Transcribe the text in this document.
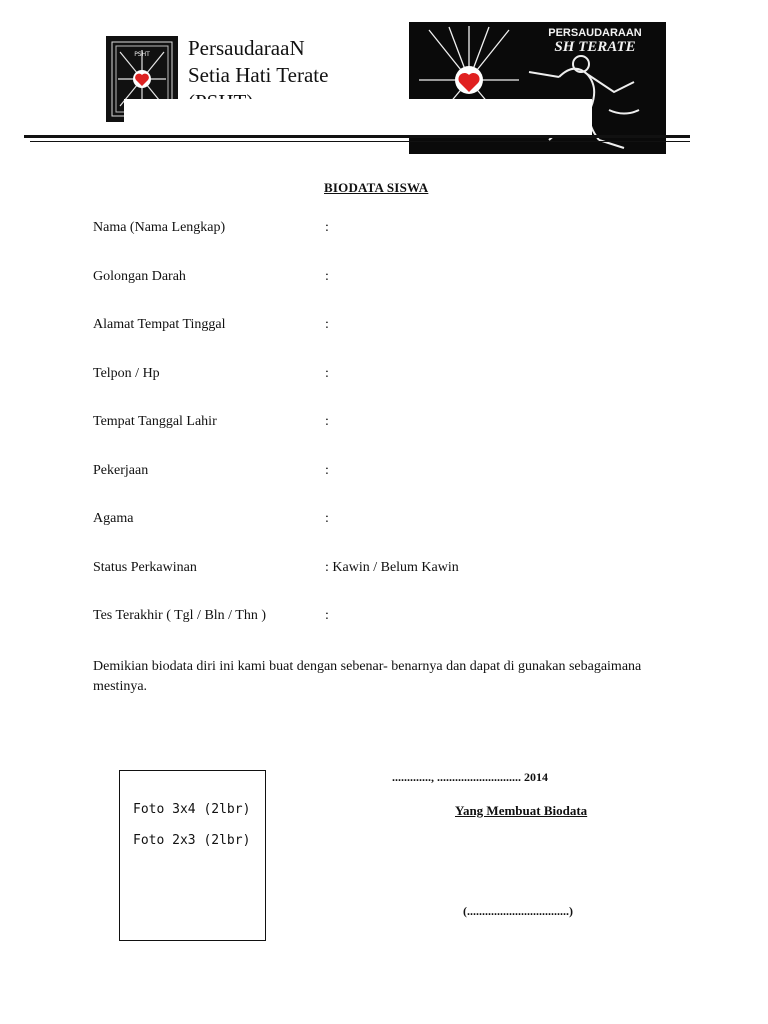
PSHT PersaudaraaN
Setia Hati Terate

PERSAUDARAAN
SH TERATE
BIODATA SISWA
Nama (Nama Lengkap)	:
Golongan Darah	:
Alamat Tempat Tinggal	:
Telpon / Hp	:
Tempat Tanggal Lahir	:
Pekerjaan	:
Agama	:
Status Perkawinan	: Kawin / Belum Kawin
Tes Terakhir ( Tgl / Bln / Thn )	:
Demikian biodata diri ini kami buat dengan sebenar- benarnya dan dapat di gunakan sebagaimana mestinya.
Foto 3x4 (2lbr)
Foto 2x3 (2lbr)
............., ............................ 2014
Yang Membuat Biodata
(..................................)
